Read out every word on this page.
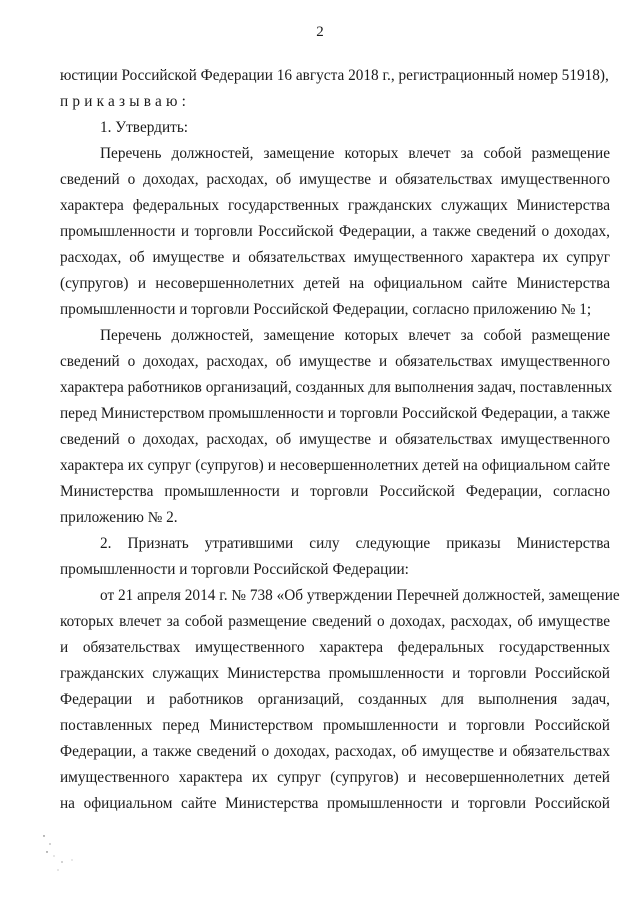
2
юстиции Российской Федерации 16 августа 2018 г., регистрационный номер 51918),
приказываю:
1. Утвердить:
Перечень должностей, замещение которых влечет за собой размещение
сведений о доходах, расходах, об имуществе и обязательствах имущественного
характера федеральных государственных гражданских служащих Министерства
промышленности и торговли Российской Федерации, а также сведений о доходах,
расходах, об имуществе и обязательствах имущественного характера их супруг
(супругов) и несовершеннолетних детей на официальном сайте Министерства
промышленности и торговли Российской Федерации, согласно приложению № 1;
Перечень должностей, замещение которых влечет за собой размещение
сведений о доходах, расходах, об имуществе и обязательствах имущественного
характера работников организаций, созданных для выполнения задач, поставленных
перед Министерством промышленности и торговли Российской Федерации, а также
сведений о доходах, расходах, об имуществе и обязательствах имущественного
характера их супруг (супругов) и несовершеннолетних детей на официальном сайте
Министерства промышленности и торговли Российской Федерации, согласно
приложению № 2.
2. Признать утратившими силу следующие приказы Министерства
промышленности и торговли Российской Федерации:
от 21 апреля 2014 г. № 738 «Об утверждении Перечней должностей, замещение
которых влечет за собой размещение сведений о доходах, расходах, об имуществе
и обязательствах имущественного характера федеральных государственных
гражданских служащих Министерства промышленности и торговли Российской
Федерации и работников организаций, созданных для выполнения задач,
поставленных перед Министерством промышленности и торговли Российской
Федерации, а также сведений о доходах, расходах, об имуществе и обязательствах
имущественного характера их супруг (супругов) и несовершеннолетних детей
на официальном сайте Министерства промышленности и торговли Российской
